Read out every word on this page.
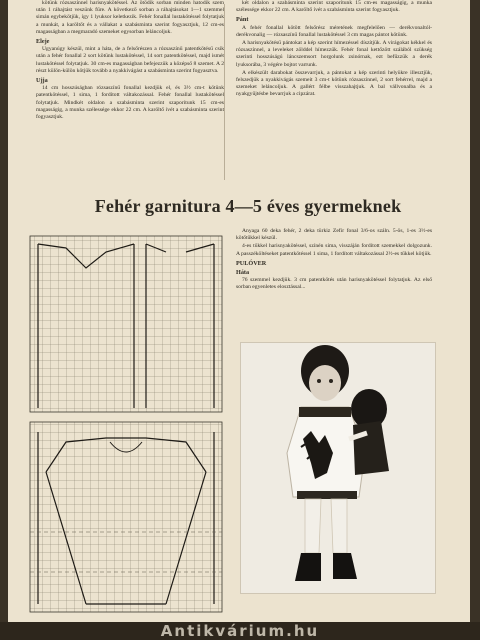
kötünk rózsaszínnel harisnyakötéssel. Az ötödik sorban minden hatodik szem után 1 ráhajtást veszünk fűre. A következő sorban a ráhajtásokat 1—1 szemmel simán egybekötjük, így 1 lyuksor keletkezik. Fehér fonallal lustakötéssel folytatjuk a munkát, a karöltőt és a vállakat a szabásminta szerint fogyasztjuk, 12 cm-es magasságban a megmaradó szemeket egysorban leláncoljuk.

Eleje

Ugyanúgy készül, mint a háta, de a felsőrészen a rózsaszínű patentkötésű csík után a fehér fonallal 2 sort kötünk lustakötéssel, 14 sort patentkötéssel, majd ismét lustakötéssel folytatjuk. 30 cm-es magasságban befejezzük a középső 8 szemet. A 2 részt külön-külön kötjük tovább a nyakkivágást a szabásminta szerint fogyasztva.

Ujja

14 cm hosszúságban rózsaszínű fonallal kezdjük el, és 3½ cm-t kötünk patentkötéssel, 1 sima, 1 fordított váltakozással. Fehér fonallal lustakötéssel folytatjuk. Mindkét oldalon a szabásminta szerint szaporítunk 15 cm-es magasságig, a munka szélessége ekkor 22 cm. A karöltő ívét a szabásminta szerint fogyasztjuk.

két oldalon a szabásminta szerint szaporítunk 15 cm-es magasságig, a munka szélessége ekkor 22 cm. A karöltő ívét a szabásminta szerint fogyasztjuk.

Pánt

A fehér fonallal kötött felsőrész méretének megfelelően — derékvonaltól-derékvonalig — rózsaszínű fonallal lustakötéssel 3 cm magas pántot kötünk.

A harisnyakötésű pántokat a kép szerint hímezéssel díszítjük. A virágokat kékkel és rózsaszínnel, a leveleket zölddel hímezzük. Fehér fonal kettőzött szálából szükség szerinti hosszúságú láncszemsort horgolunk zsinórnak, ezt befűzzük a derék lyuksorába, 3 végére bojtot varrunk.

A elkészült darabokat összevarrjuk, a pántokat a kép szerinti helyükre illesztjük, felszedjük a nyakkivágás szemeit 3 cm-t kötünk rózsaszínnel, 2 sort fehérrel, majd a szemeket leláncoljuk. A gallért félbe visszahajtjuk. A bal vállvonalba és a nyakgyűjtésbe bevarrjuk a cipzárat.

Fehér garnitura 4—5 éves gyermeknek

Anyaga 60 deka fehér, 2 deka türkiz Zefir fonal 3/6-os száln. 5-ös, 1-es 3½-es kötőtűkkel készül.

4-es tűkkel harisnyakötéssel, színén sima, visszáján fordított szemekkel dolgozunk. A passzéköltéseket patentkötéssel 1 sima, 1 fordított váltakozással 2½-es tűkkel kötjük.

PULÓVER
Háta

76 szemmel kezdjük. 3 cm patentkötés után harisnyakötéssel folytatjuk. Az első sorban egyenletes elosztással...

Antikvárium.hu
